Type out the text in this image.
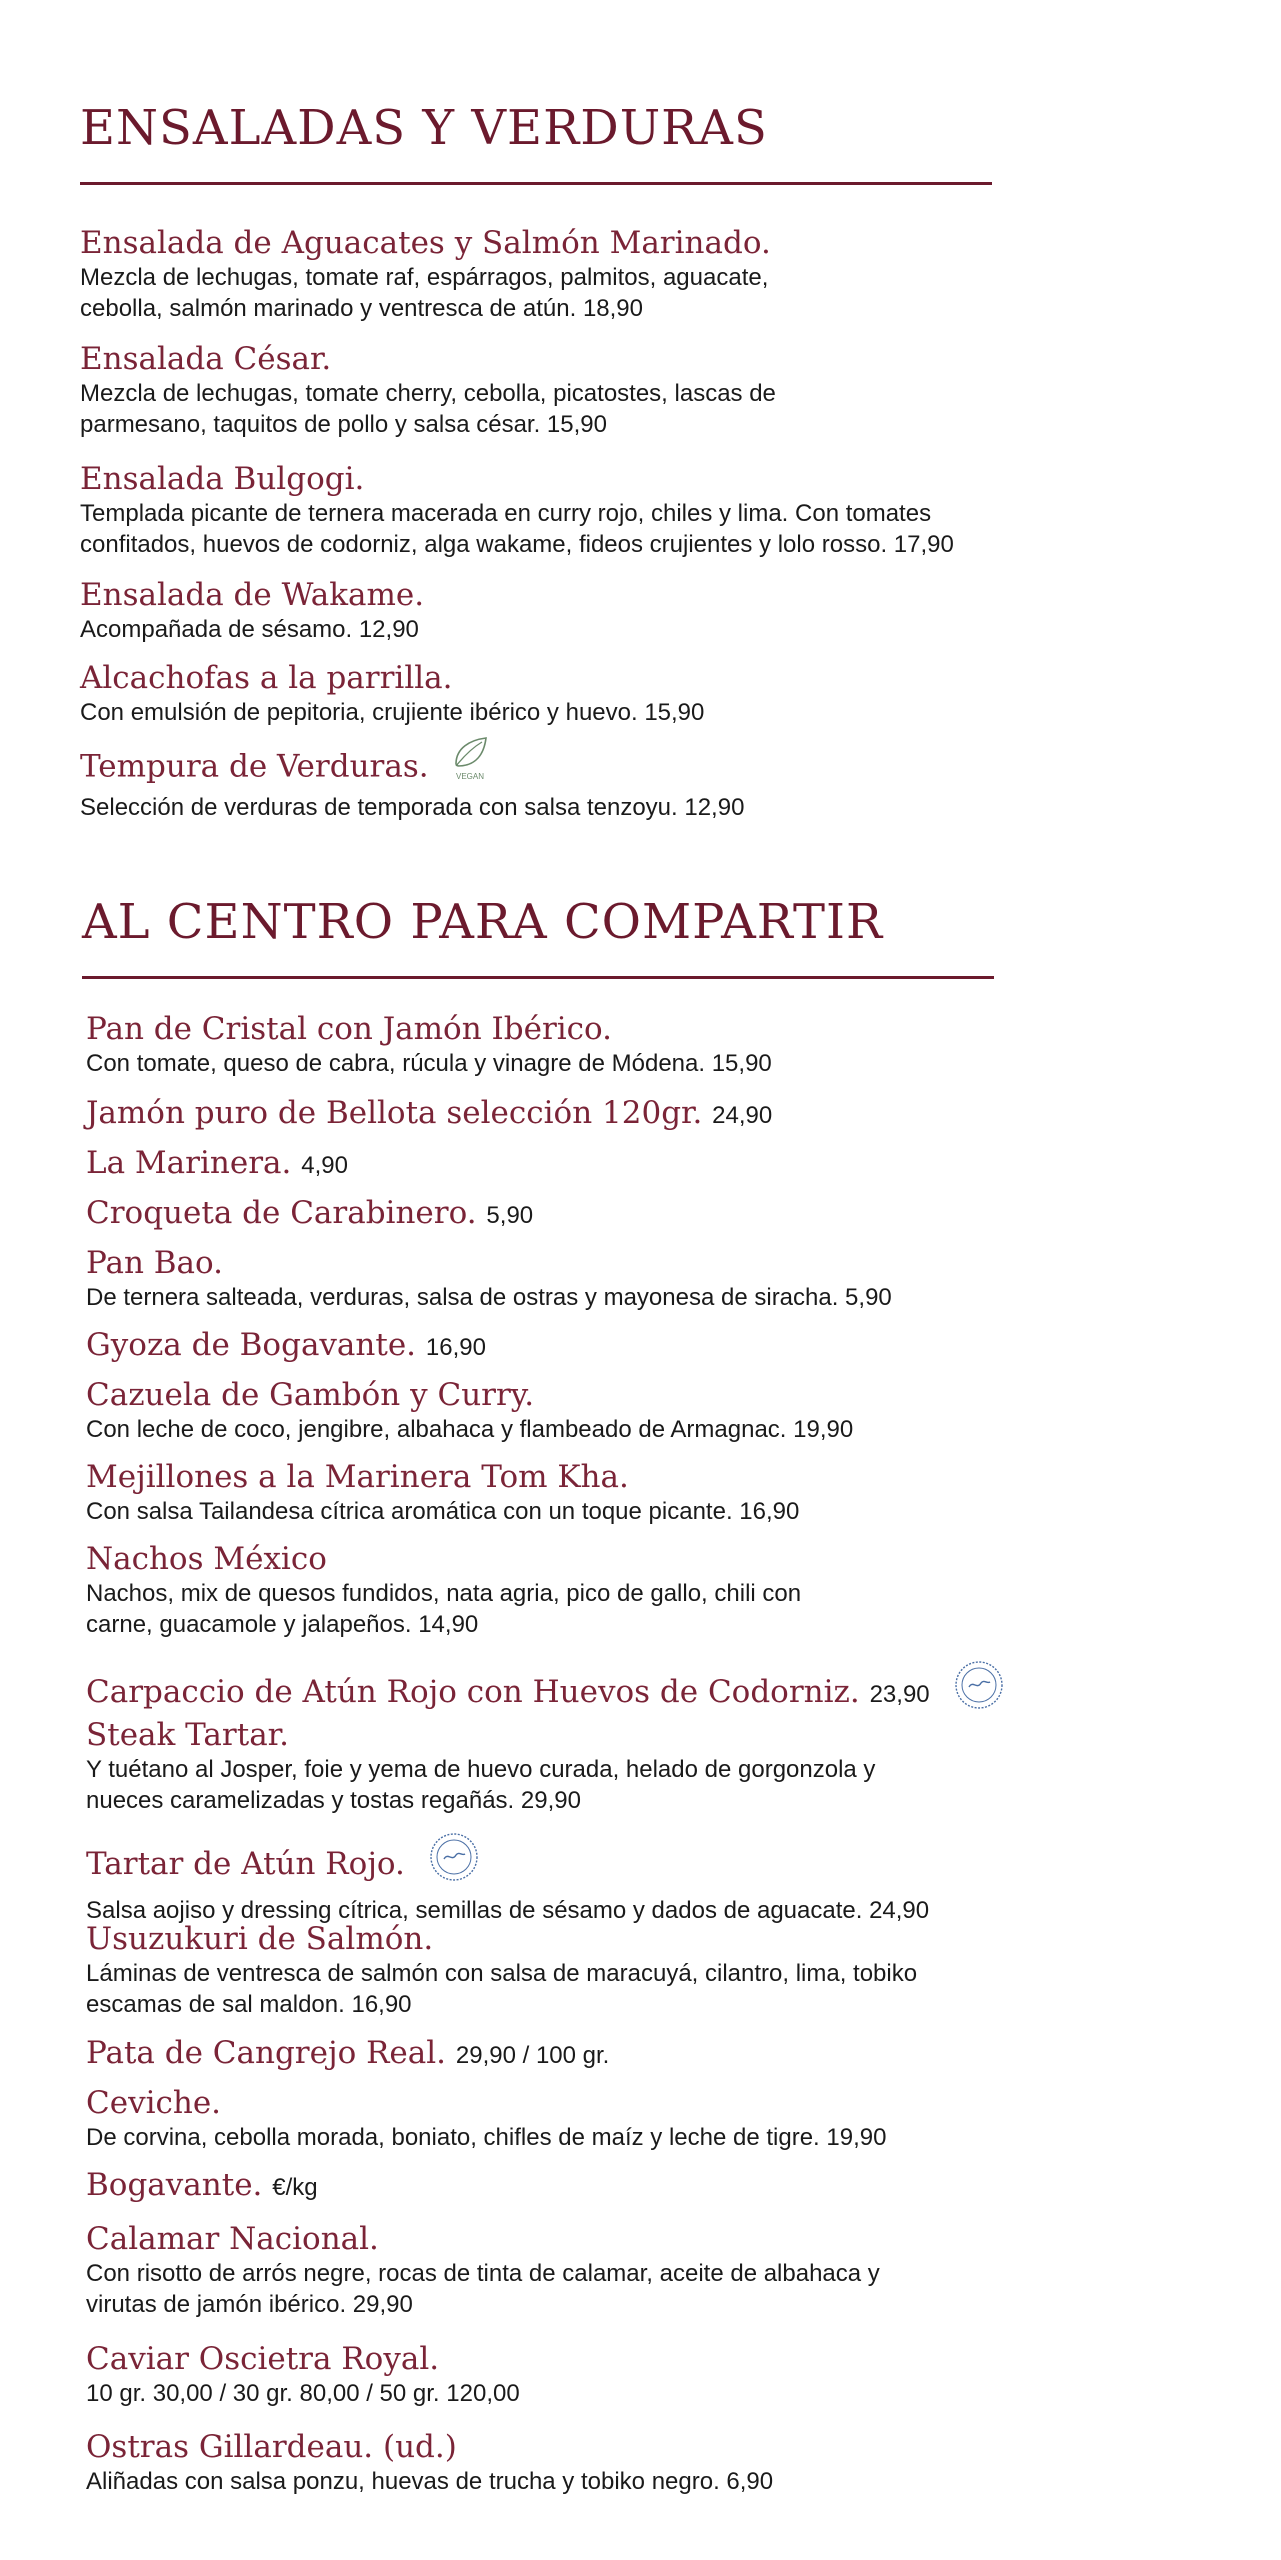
ENSALADAS Y VERDURAS
Ensalada de Aguacates y Salmón Marinado.
Mezcla de lechugas, tomate raf, espárragos, palmitos, aguacate,
cebolla, salmón marinado y ventresca de atún. 18,90
Ensalada César.
Mezcla de lechugas, tomate cherry, cebolla, picatostes, lascas de
parmesano, taquitos de pollo y salsa césar. 15,90
Ensalada Bulgogi.
Templada picante de ternera macerada en curry rojo, chiles y lima. Con tomates
confitados, huevos de codorniz, alga wakame, fideos crujientes y lolo rosso. 17,90
Ensalada de Wakame.
Acompañada de sésamo. 12,90
Alcachofas a la parrilla.
Con emulsión de pepitoria, crujiente ibérico y huevo. 15,90
Tempura de Verduras.	VEGAN
Selección de verduras de temporada con salsa tenzoyu. 12,90
AL CENTRO PARA COMPARTIR
Pan de Cristal con Jamón Ibérico.
Con tomate, queso de cabra, rúcula y vinagre de Módena. 15,90
Jamón puro de Bellota selección 120gr. 24,90
La Marinera. 4,90
Croqueta de Carabinero. 5,90
Pan Bao.
De ternera salteada, verduras, salsa de ostras y mayonesa de siracha. 5,90
Gyoza de Bogavante. 16,90
Cazuela de Gambón y Curry.
Con leche de coco, jengibre, albahaca y flambeado de Armagnac. 19,90
Mejillones a la Marinera Tom Kha.
Con salsa Tailandesa cítrica aromática con un toque picante. 16,90
Nachos México
Nachos, mix de quesos fundidos, nata agria, pico de gallo, chili con
carne, guacamole y jalapeños. 14,90
Carpaccio de Atún Rojo con Huevos de Codorniz. 23,90
Steak Tartar.
Y tuétano al Josper, foie y yema de huevo curada, helado de gorgonzola y
nueces caramelizadas y tostas regañás. 29,90
Tartar de Atún Rojo.
Salsa aojiso y dressing cítrica, semillas de sésamo y dados de aguacate. 24,90
Usuzukuri de Salmón.
Láminas de ventresca de salmón con salsa de maracuyá, cilantro, lima, tobiko
escamas de sal maldon. 16,90
Pata de Cangrejo Real. 29,90 / 100 gr.
Ceviche.
De corvina, cebolla morada, boniato, chifles de maíz y leche de tigre. 19,90
Bogavante. €/kg
Calamar Nacional.
Con risotto de arrós negre, rocas de tinta de calamar, aceite de albahaca y
virutas de jamón ibérico. 29,90
Caviar Oscietra Royal.
10 gr. 30,00 / 30 gr. 80,00 / 50 gr. 120,00
Ostras Gillardeau. (ud.)
Aliñadas con salsa ponzu, huevas de trucha y tobiko negro. 6,90
